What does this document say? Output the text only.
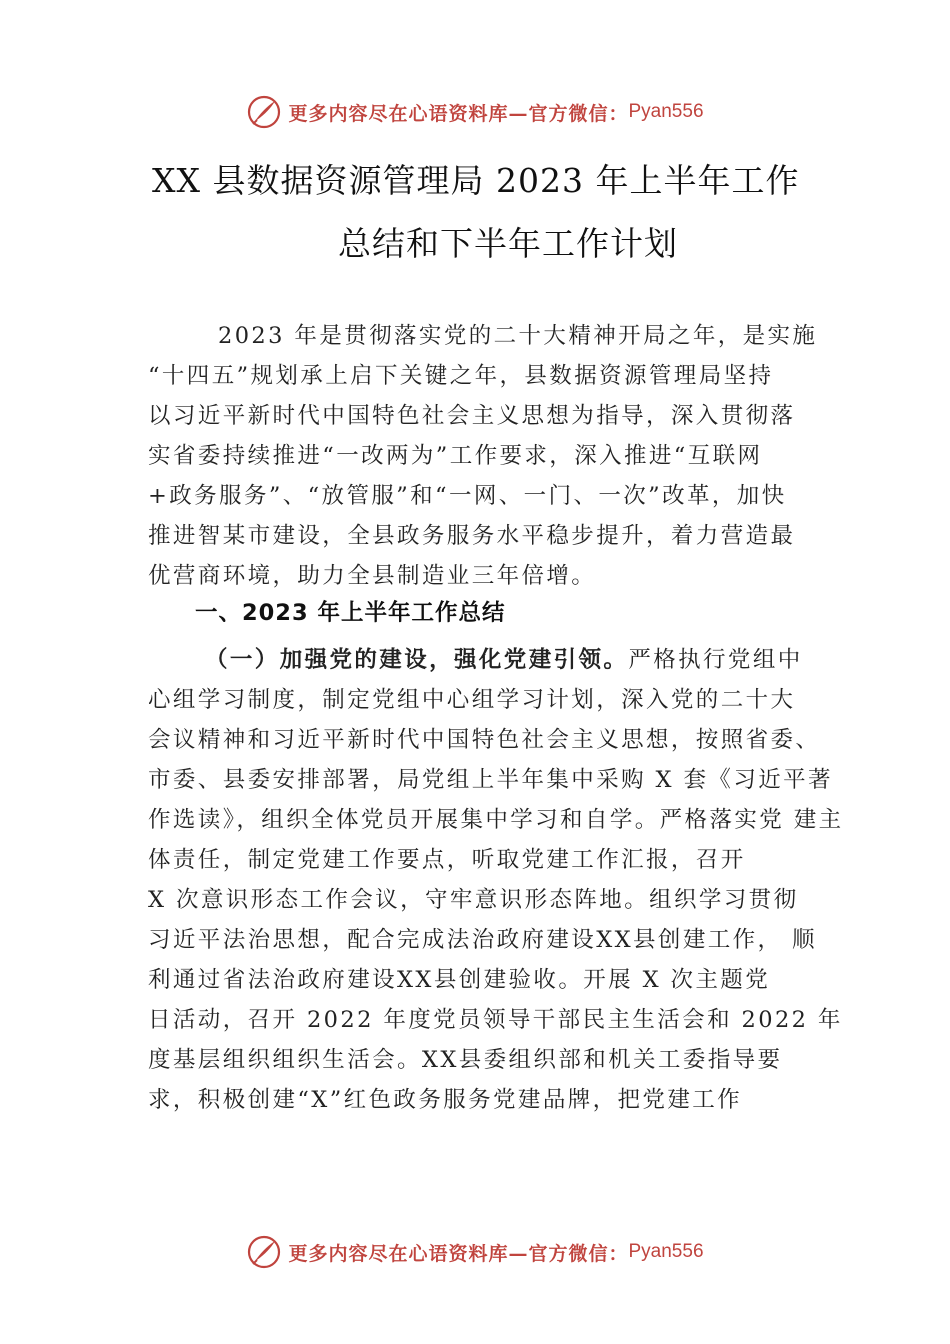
更多内容尽在心语资料库—官方微信： Pyan556
XX 县数据资源管理局 2023 年上半年工作
总结和下半年工作计划
2023 年是贯彻落实党的二十大精神开局之年，是实施
“十四五”规划承上启下关键之年，县数据资源管理局坚持
以习近平新时代中国特色社会主义思想为指导，深入贯彻落
实省委持续推进“一改两为”工作要求，深入推进“互联网
+政务服务”、“放管服”和“一网、一门、一次”改革，加快
推进智某市建设，全县政务服务水平稳步提升，着力营造最
优营商环境，助力全县制造业三年倍增。
一、2023 年上半年工作总结
（一）加强党的建设，强化党建引领。严格执行党组中
心组学习制度，制定党组中心组学习计划，深入党的二十大
会议精神和习近平新时代中国特色社会主义思想，按照省委、
市委、县委安排部署，局党组上半年集中采购 X 套《习近平著
作选读》，组织全体党员开展集中学习和自学。严格落实党 建主
体责任，制定党建工作要点，听取党建工作汇报，召开
X 次意识形态工作会议，守牢意识形态阵地。组织学习贯彻
习近平法治思想，配合完成法治政府建设XX县创建工作， 顺
利通过省法治政府建设XX县创建验收。开展 X 次主题党
日活动，召开 2022 年度党员领导干部民主生活会和 2022 年
度基层组织组织生活会。XX县委组织部和机关工委指导要
求，积极创建“X”红色政务服务党建品牌，把党建工作
更多内容尽在心语资料库—官方微信： Pyan556
